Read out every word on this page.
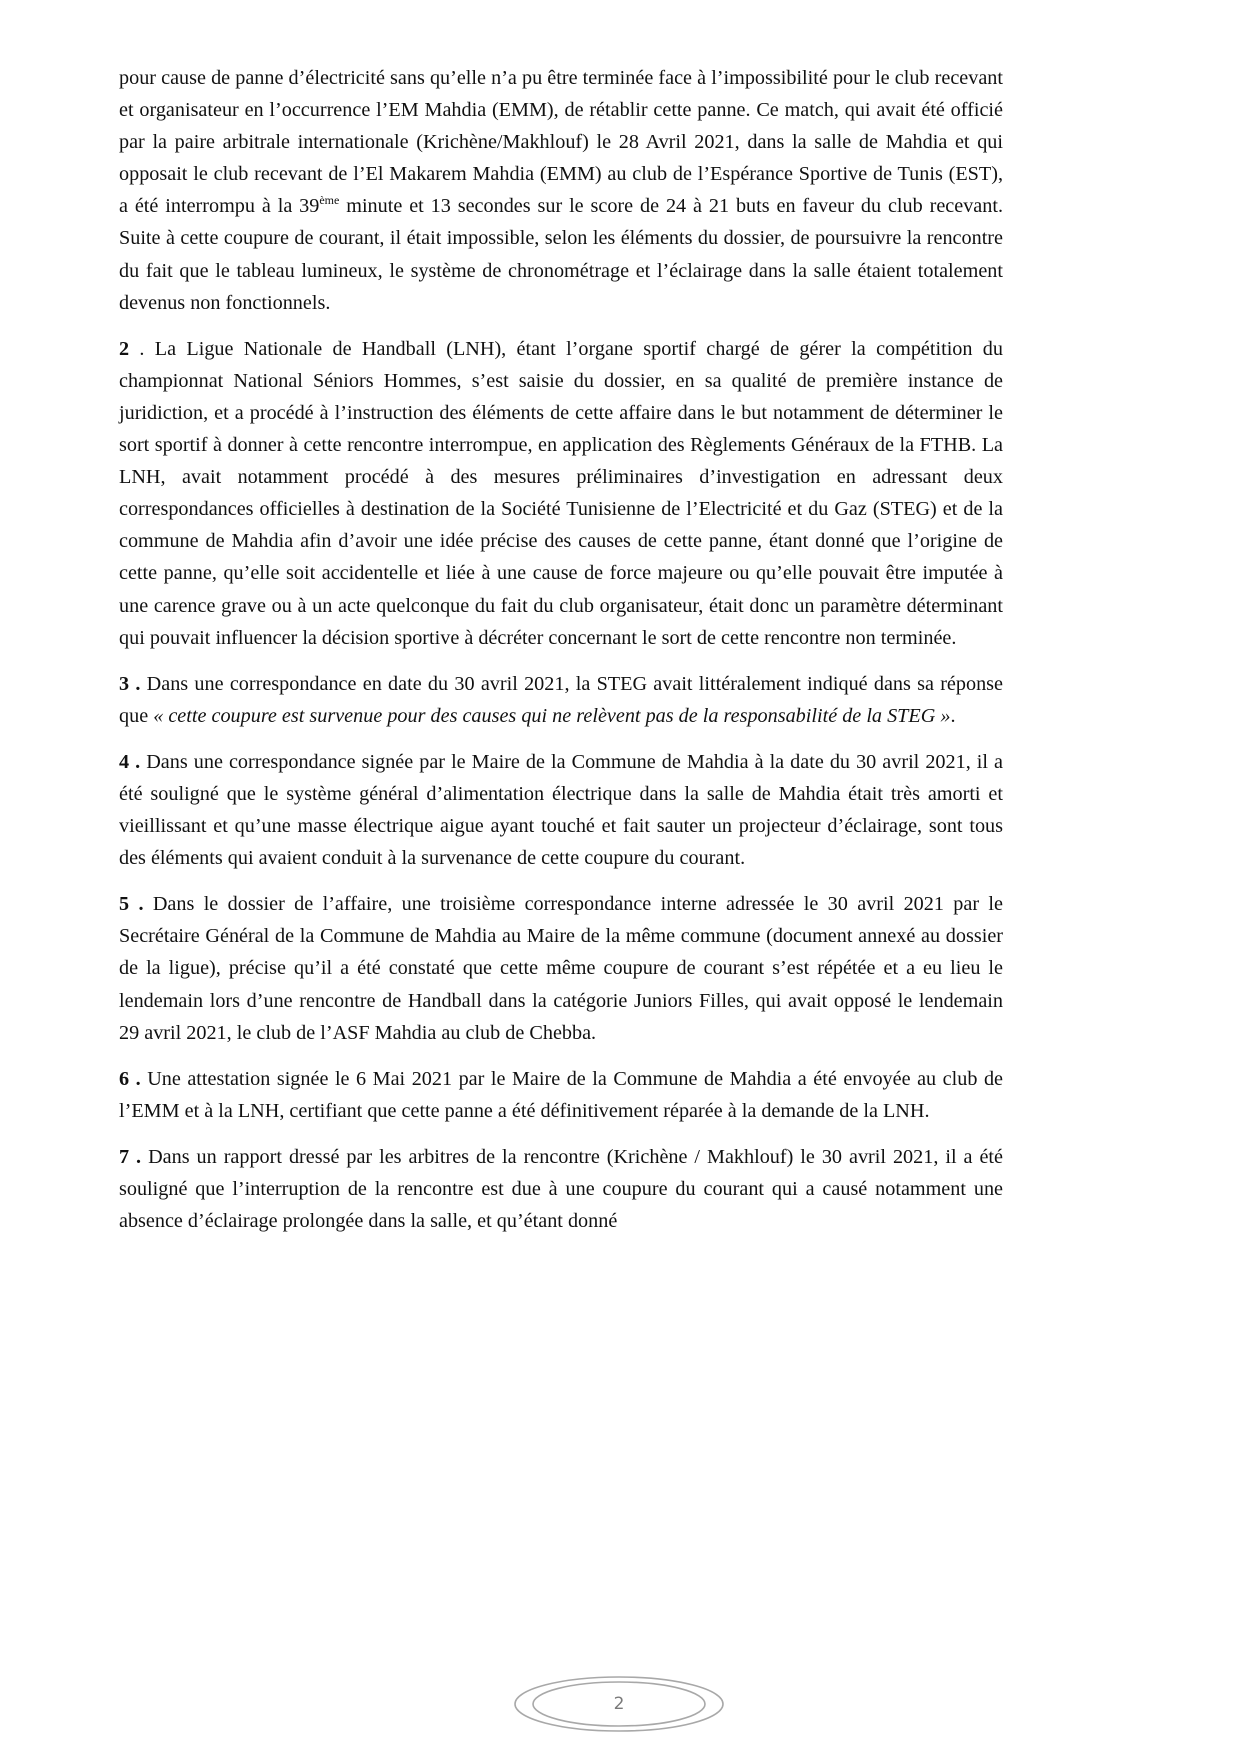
pour cause de panne d’électricité sans qu’elle n’a pu être terminée face à l’impossibilité pour le club recevant et organisateur en l’occurrence l’EM Mahdia (EMM), de rétablir cette panne. Ce match, qui avait été officié par la paire arbitrale internationale (Krichène/Makhlouf) le 28 Avril 2021, dans la salle de Mahdia et qui opposait le club recevant de l’El Makarem Mahdia (EMM) au club de l’Espérance Sportive de Tunis (EST), a été interrompu à la 39ème minute et 13 secondes sur le score de 24 à 21 buts en faveur du club recevant. Suite à cette coupure de courant, il était impossible, selon les éléments du dossier, de poursuivre la rencontre du fait que le tableau lumineux, le système de chronométrage et l’éclairage dans la salle étaient totalement devenus non fonctionnels.

2 . La Ligue Nationale de Handball (LNH), étant l’organe sportif chargé de gérer la compétition du championnat National Séniors Hommes, s’est saisie du dossier, en sa qualité de première instance de juridiction, et a procédé à l’instruction des éléments de cette affaire dans le but notamment de déterminer le sort sportif à donner à cette rencontre interrompue, en application des Règlements Généraux de la FTHB. La LNH, avait notamment procédé à des mesures préliminaires d’investigation en adressant deux correspondances officielles à destination de la Société Tunisienne de l’Electricité et du Gaz (STEG) et de la commune de Mahdia afin d’avoir une idée précise des causes de cette panne, étant donné que l’origine de cette panne, qu’elle soit accidentelle et liée à une cause de force majeure ou qu’elle pouvait être imputée à une carence grave ou à un acte quelconque du fait du club organisateur, était donc un paramètre déterminant qui pouvait influencer la décision sportive à décréter concernant le sort de cette rencontre non terminée.

3 . Dans une correspondance en date du 30 avril 2021, la STEG avait littéralement indiqué dans sa réponse que « cette coupure est survenue pour des causes qui ne relèvent pas de la responsabilité de la STEG ».

4 . Dans une correspondance signée par le Maire de la Commune de Mahdia à la date du 30 avril 2021, il a été souligné que le système général d’alimentation électrique dans la salle de Mahdia était très amorti et vieillissant et qu’une masse électrique aigue ayant touché et fait sauter un projecteur d’éclairage, sont tous des éléments qui avaient conduit à la survenance de cette coupure du courant.

5 . Dans le dossier de l’affaire, une troisième correspondance interne adressée le 30 avril 2021 par le Secrétaire Général de la Commune de Mahdia au Maire de la même commune (document annexé au dossier de la ligue), précise qu’il a été constaté que cette même coupure de courant s’est répétée et a eu lieu le lendemain lors d’une rencontre de Handball dans la catégorie Juniors Filles, qui avait opposé le lendemain 29 avril 2021, le club de l’ASF Mahdia au club de Chebba.

6 . Une attestation signée le 6 Mai 2021 par le Maire de la Commune de Mahdia a été envoyée au club de l’EMM et à la LNH, certifiant que cette panne a été définitivement réparée à la demande de la LNH.

7 . Dans un rapport dressé par les arbitres de la rencontre (Krichène / Makhlouf) le 30 avril 2021, il a été souligné que l’interruption de la rencontre est due à une coupure du courant qui a causé notamment une absence d’éclairage prolongée dans la salle, et qu’étant donné

2
